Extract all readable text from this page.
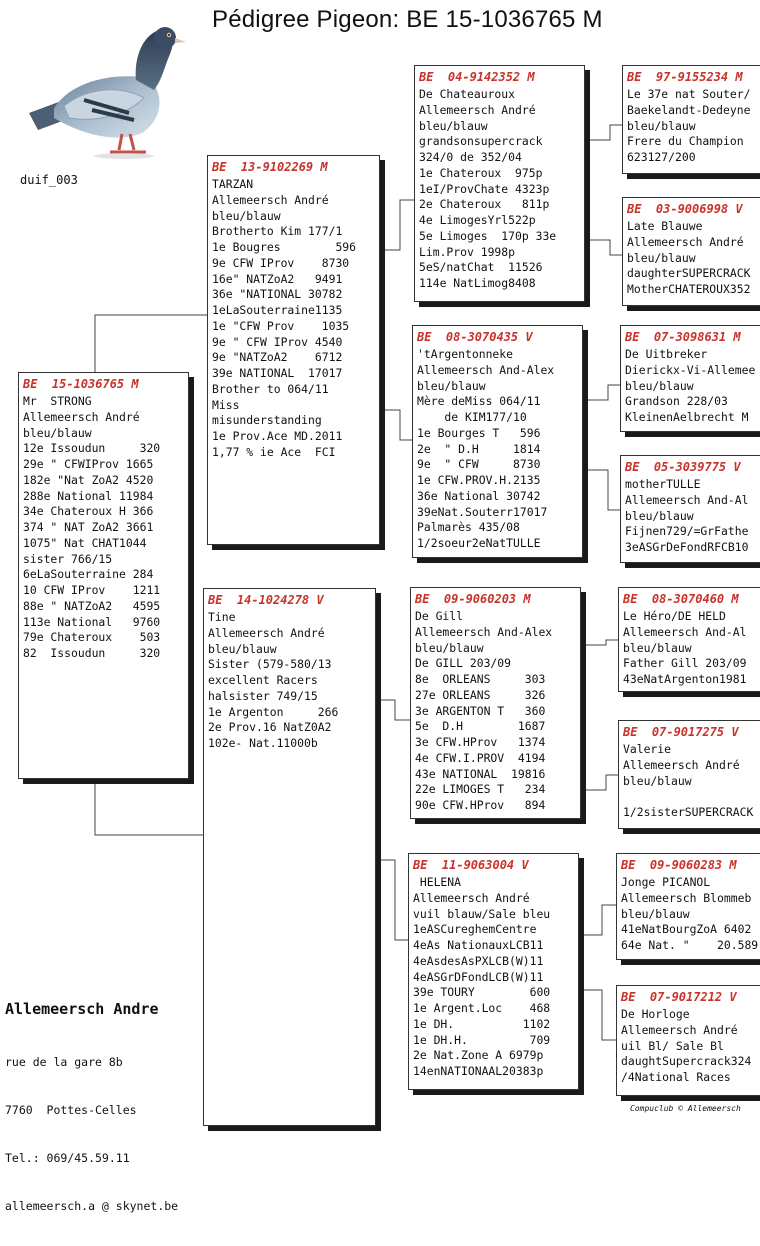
Pédigree Pigeon: BE 15-1036765 M
duif_003
BE  15-1036765 M
Mr  STRONG
Allemeersch André
bleu/blauw
12e Issoudun     320
29e " CFWIProv 1665
182e "Nat ZoA2 4520
288e National 11984
34e Chateroux H 366
374 " NAT ZoA2 3661
1075" Nat CHAT1044
sister 766/15
6eLaSouterraine 284
10 CFW IProv    1211
88e " NATZoA2   4595
113e National   9760
79e Chateroux    503
82  Issoudun     320
BE  13-9102269 M
TARZAN
Allemeersch André
bleu/blauw
Brotherto Kim 177/1
1e Bougres        596
9e CFW IProv    8730
16e" NATZoA2   9491
36e "NATIONAL 30782
1eLaSouterraine1135
1e "CFW Prov    1035
9e " CFW IProv 4540
9e "NATZoA2    6712
39e NATIONAL  17017
Brother to 064/11
Miss
misunderstanding
1e Prov.Ace MD.2011
1,77 % ie Ace  FCI
BE  14-1024278 V
Tine
Allemeersch André
bleu/blauw
Sister (579-580/13
excellent Racers
halsister 749/15
1e Argenton     266
2e Prov.16 NatZ0A2
102e- Nat.11000b
BE  04-9142352 M
De Chateauroux
Allemeersch André
bleu/blauw
grandsonsupercrack
324/0 de 352/04
1e Chateroux  975p
1eI/ProvChate 4323p
2e Chateroux   811p
4e LimogesYrl522p
5e Limoges  170p 33e
Lim.Prov 1998p
5eS/natChat  11526
114e NatLimog8408
BE  08-3070435 V
'tArgentonneke
Allemeersch And-Alex
bleu/blauw
Mère deMiss 064/11
de KIM177/10
1e Bourges T   596
2e  " D.H     1814
9e  " CFW     8730
1e CFW.PROV.H.2135
36e National 30742
39eNat.Souterr17017
Palmarès 435/08
1/2soeur2eNatTULLE
BE  09-9060203 M
De Gill
Allemeersch And-Alex
bleu/blauw
De GILL 203/09
8e  ORLEANS     303
27e ORLEANS     326
3e ARGENTON T   360
5e  D.H        1687
3e CFW.HProv   1374
4e CFW.I.PROV  4194
43e NATIONAL  19816
22e LIMOGES T   234
90e CFW.HProv   894
BE  11-9063004 V
HELENA
Allemeersch André
vuil blauw/Sale bleu
1eASCureghemCentre
4eAs NationauxLCB11
4eAsdesAsPXLCB(W)11
4eASGrDFondLCB(W)11
39e TOURY        600
1e Argent.Loc    468
1e DH.          1102
1e DH.H.         709
2e Nat.Zone A 6979p
14enNATIONAAL20383p
BE  97-9155234 M
Le 37e nat Souter/
Baekelandt-Dedeyne
bleu/blauw
Frere du Champion
623127/200
BE  03-9006998 V
Late Blauwe
Allemeersch André
bleu/blauw
daughterSUPERCRACK
MotherCHATEROUX352
BE  07-3098631 M
De Uitbreker
Dierickx-Vi-Allemee
bleu/blauw
Grandson 228/03
KleinenAelbrecht M
BE  05-3039775 V
motherTULLE
Allemeersch And-Al
bleu/blauw
Fijnen729/=GrFathe
3eASGrDeFondRFCB10
BE  08-3070460 M
Le Héro/DE HELD
Allemeersch And-Al
bleu/blauw
Father Gill 203/09
43eNatArgenton1981
BE  07-9017275 V
Valerie
Allemeersch André
bleu/blauw

1/2sisterSUPERCRACK
BE  09-9060283 M
Jonge PICANOL
Allemeersch Blommeb
bleu/blauw
41eNatBourgZoA 6402
64e Nat. "    20.589
BE  07-9017212 V
De Horloge
Allemeersch André
uil Bl/ Sale Bl
daughtSupercrack324
/4National Races
Allemeersch Andre

rue de la gare 8b

7760  Pottes-Celles

Tel.: 069/45.59.11

allemeersch.a @ skynet.be

Compuclub © Allemeersch
